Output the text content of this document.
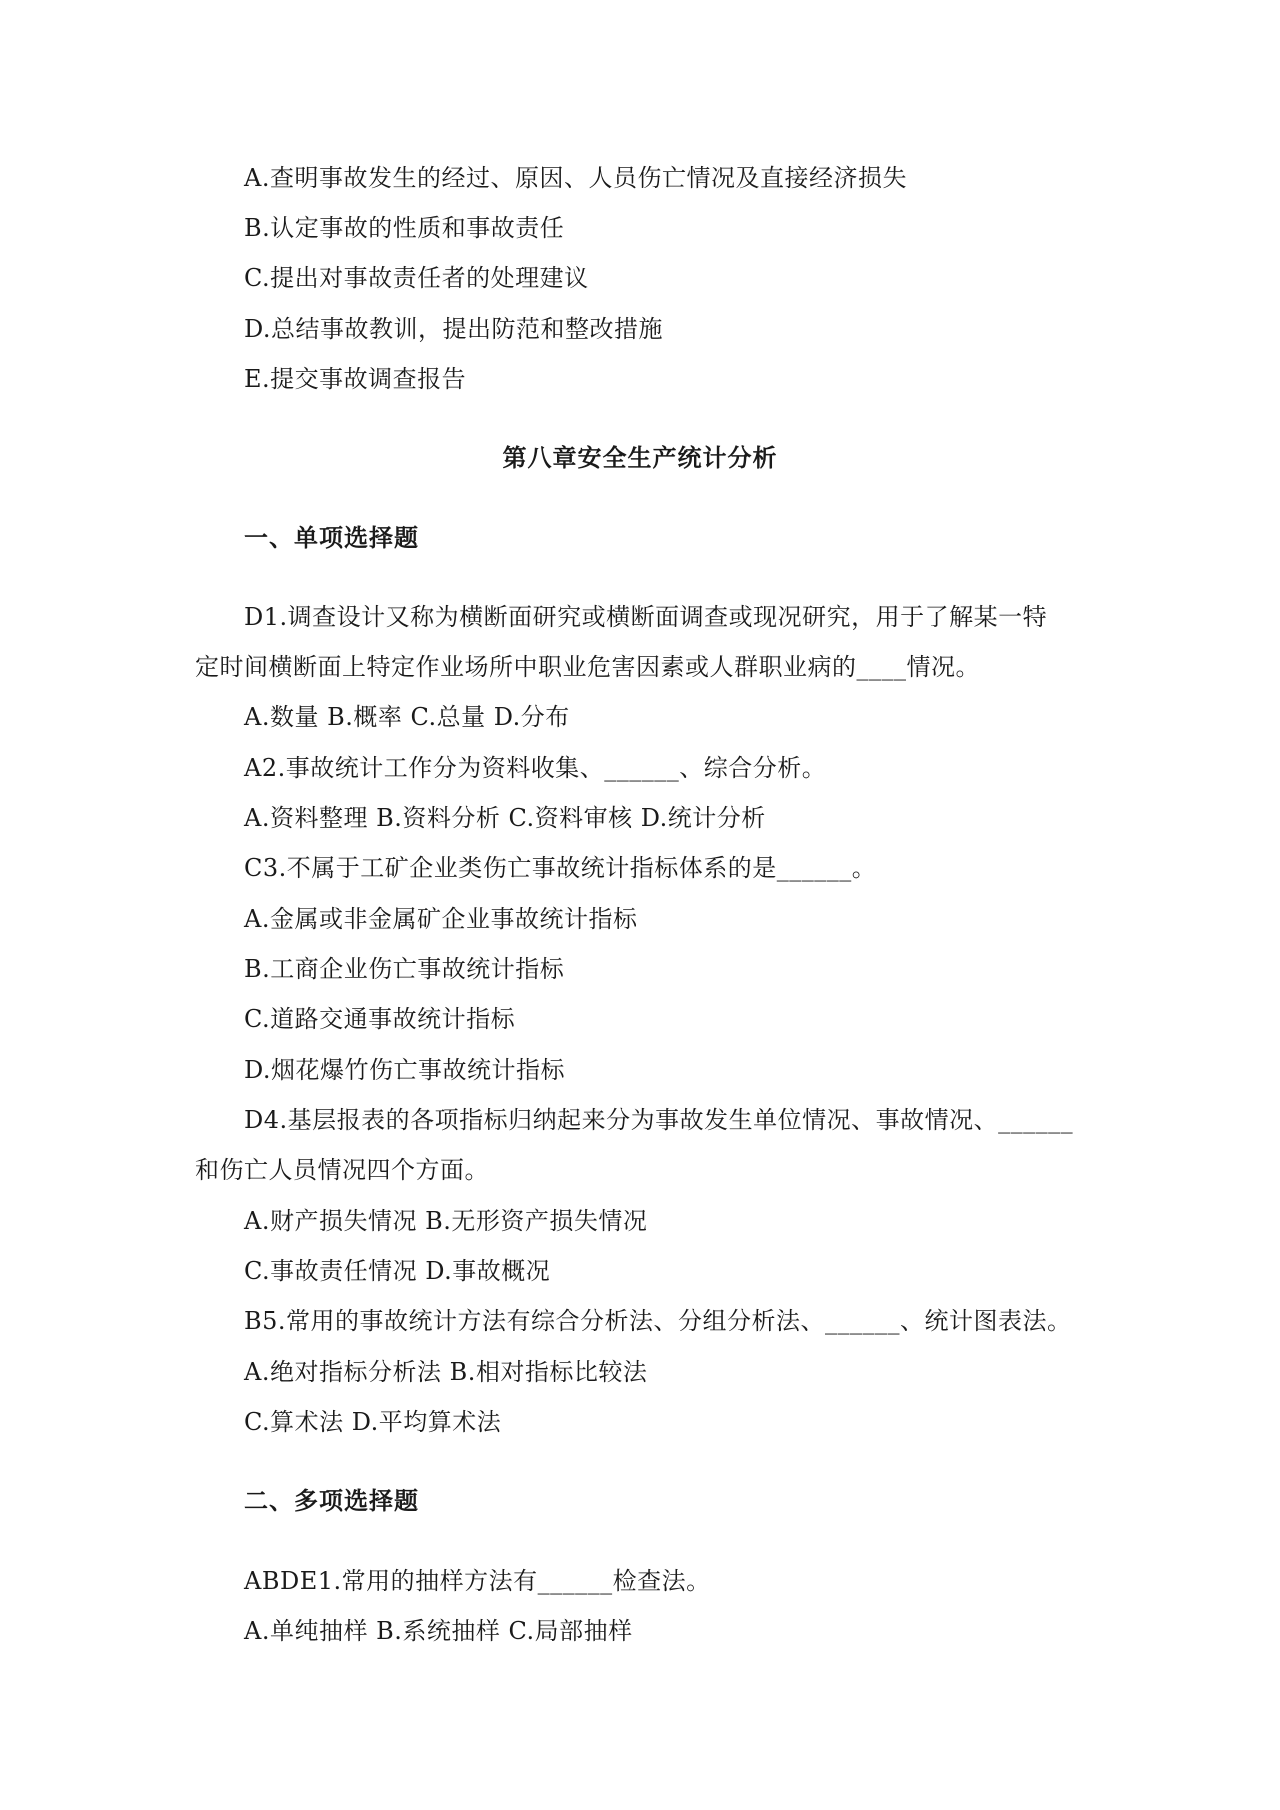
A.查明事故发生的经过、原因、人员伤亡情况及直接经济损失
B.认定事故的性质和事故责任
C.提出对事故责任者的处理建议
D.总结事故教训，提出防范和整改措施
E.提交事故调查报告
第八章安全生产统计分析
一、单项选择题
D1.调查设计又称为横断面研究或横断面调查或现况研究，用于了解某一特
定时间横断面上特定作业场所中职业危害因素或人群职业病的____情况。
A.数量 B.概率 C.总量 D.分布
A2.事故统计工作分为资料收集、______、综合分析。
A.资料整理 B.资料分析 C.资料审核 D.统计分析
C3.不属于工矿企业类伤亡事故统计指标体系的是______。
A.金属或非金属矿企业事故统计指标
B.工商企业伤亡事故统计指标
C.道路交通事故统计指标
D.烟花爆竹伤亡事故统计指标
D4.基层报表的各项指标归纳起来分为事故发生单位情况、事故情况、______
和伤亡人员情况四个方面。
A.财产损失情况 B.无形资产损失情况
C.事故责任情况 D.事故概况
B5.常用的事故统计方法有综合分析法、分组分析法、______、统计图表法。
A.绝对指标分析法 B.相对指标比较法
C.算术法 D.平均算术法
二、多项选择题
ABDE1.常用的抽样方法有______检查法。
A.单纯抽样 B.系统抽样 C.局部抽样
